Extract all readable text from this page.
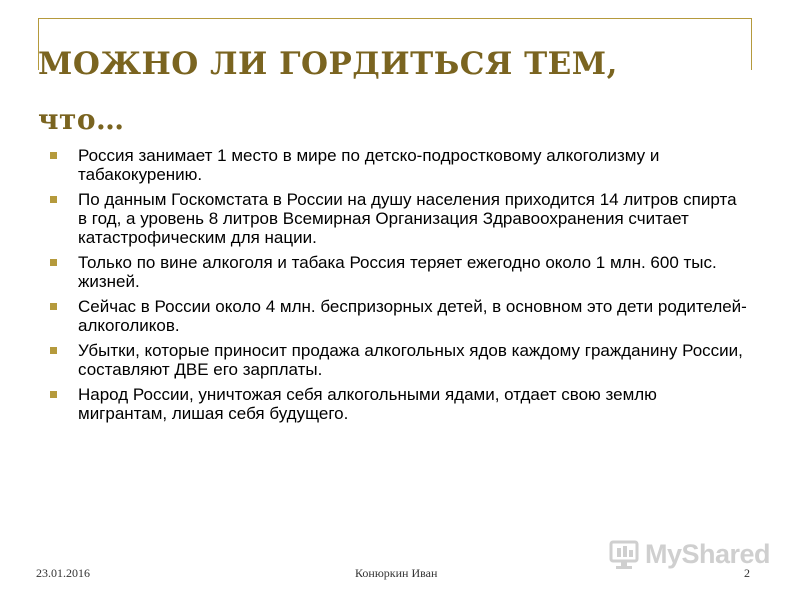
МОЖНО ЛИ ГОРДИТЬСЯ ТЕМ,
что…
Россия занимает 1 место в мире по детско-подростковому алкоголизму и табакокурению.
По данным Госкомстата в России на душу населения приходится 14 литров спирта в год, а уровень 8 литров Всемирная Организация Здравоохранения считает катастрофическим для нации.
Только по вине алкоголя и табака Россия теряет ежегодно около 1 млн. 600 тыс. жизней.
Сейчас в России около 4 млн. беспризорных детей, в основном это дети родителей-алкоголиков.
Убытки, которые приносит продажа алкогольных ядов каждому гражданину России, составляют ДВЕ его зарплаты.
Народ России, уничтожая себя алкогольными ядами, отдает свою землю мигрантам, лишая себя будущего.
MyShared
23.01.2016	Конюркин Иван	2
